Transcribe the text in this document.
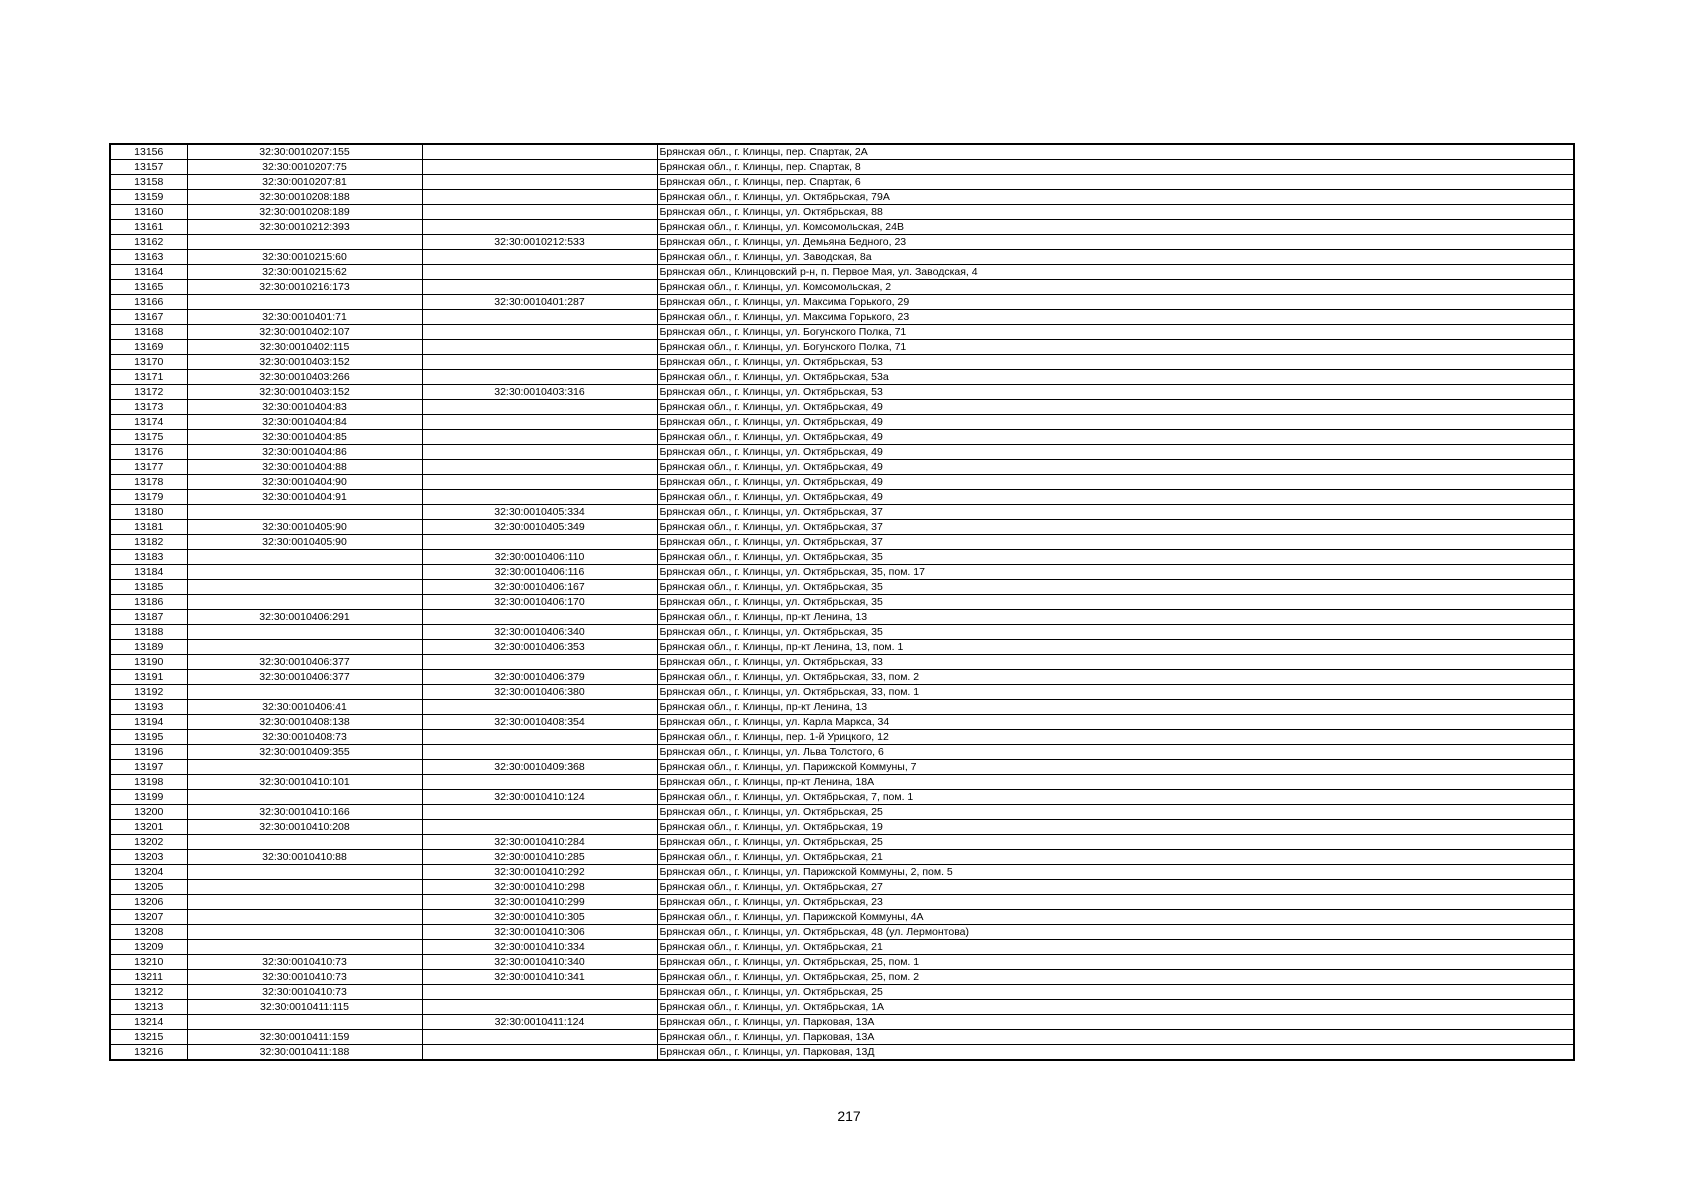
13156	32:30:0010207:155		Брянская обл., г. Клинцы, пер. Спартак, 2А
13157	32:30:0010207:75		Брянская обл., г. Клинцы, пер. Спартак, 8
13158	32:30:0010207:81		Брянская обл., г. Клинцы, пер. Спартак, 6
13159	32:30:0010208:188		Брянская обл., г. Клинцы, ул. Октябрьская, 79А
13160	32:30:0010208:189		Брянская обл., г. Клинцы, ул. Октябрьская, 88
13161	32:30:0010212:393		Брянская обл., г. Клинцы, ул. Комсомольская, 24В
13162		32:30:0010212:533	Брянская обл., г. Клинцы, ул. Демьяна Бедного, 23
13163	32:30:0010215:60		Брянская обл., г. Клинцы, ул. Заводская, 8а
13164	32:30:0010215:62		Брянская обл., Клинцовский р-н, п. Первое Мая, ул. Заводская, 4
13165	32:30:0010216:173		Брянская обл., г. Клинцы, ул. Комсомольская, 2
13166		32:30:0010401:287	Брянская обл., г. Клинцы, ул. Максима Горького, 29
13167	32:30:0010401:71		Брянская обл., г. Клинцы, ул. Максима Горького, 23
13168	32:30:0010402:107		Брянская обл., г. Клинцы, ул. Богунского Полка, 71
13169	32:30:0010402:115		Брянская обл., г. Клинцы, ул. Богунского Полка, 71
13170	32:30:0010403:152		Брянская обл., г. Клинцы, ул. Октябрьская, 53
13171	32:30:0010403:266		Брянская обл., г. Клинцы, ул. Октябрьская, 53а
13172	32:30:0010403:152	32:30:0010403:316	Брянская обл., г. Клинцы, ул. Октябрьская, 53
13173	32:30:0010404:83		Брянская обл., г. Клинцы, ул. Октябрьская, 49
13174	32:30:0010404:84		Брянская обл., г. Клинцы, ул. Октябрьская, 49
13175	32:30:0010404:85		Брянская обл., г. Клинцы, ул. Октябрьская, 49
13176	32:30:0010404:86		Брянская обл., г. Клинцы, ул. Октябрьская, 49
13177	32:30:0010404:88		Брянская обл., г. Клинцы, ул. Октябрьская, 49
13178	32:30:0010404:90		Брянская обл., г. Клинцы, ул. Октябрьская, 49
13179	32:30:0010404:91		Брянская обл., г. Клинцы, ул. Октябрьская, 49
13180		32:30:0010405:334	Брянская обл., г. Клинцы, ул. Октябрьская, 37
13181	32:30:0010405:90	32:30:0010405:349	Брянская обл., г. Клинцы, ул. Октябрьская, 37
13182	32:30:0010405:90		Брянская обл., г. Клинцы, ул. Октябрьская, 37
13183		32:30:0010406:110	Брянская обл., г. Клинцы, ул. Октябрьская, 35
13184		32:30:0010406:116	Брянская обл., г. Клинцы, ул. Октябрьская, 35, пом. 17
13185		32:30:0010406:167	Брянская обл., г. Клинцы, ул. Октябрьская, 35
13186		32:30:0010406:170	Брянская обл., г. Клинцы, ул. Октябрьская, 35
13187	32:30:0010406:291		Брянская обл., г. Клинцы, пр-кт Ленина, 13
13188		32:30:0010406:340	Брянская обл., г. Клинцы, ул. Октябрьская, 35
13189		32:30:0010406:353	Брянская обл., г. Клинцы, пр-кт Ленина, 13, пом. 1
13190	32:30:0010406:377		Брянская обл., г. Клинцы, ул. Октябрьская, 33
13191	32:30:0010406:377	32:30:0010406:379	Брянская обл., г. Клинцы, ул. Октябрьская, 33, пом. 2
13192		32:30:0010406:380	Брянская обл., г. Клинцы, ул. Октябрьская, 33, пом. 1
13193	32:30:0010406:41		Брянская обл., г. Клинцы, пр-кт Ленина, 13
13194	32:30:0010408:138	32:30:0010408:354	Брянская обл., г. Клинцы, ул. Карла Маркса, 34
13195	32:30:0010408:73		Брянская обл., г. Клинцы, пер. 1-й Урицкого, 12
13196	32:30:0010409:355		Брянская обл., г. Клинцы, ул. Льва Толстого, 6
13197		32:30:0010409:368	Брянская обл., г. Клинцы, ул. Парижской Коммуны, 7
13198	32:30:0010410:101		Брянская обл., г. Клинцы, пр-кт Ленина, 18А
13199		32:30:0010410:124	Брянская обл., г. Клинцы, ул. Октябрьская, 7, пом. 1
13200	32:30:0010410:166		Брянская обл., г. Клинцы, ул. Октябрьская, 25
13201	32:30:0010410:208		Брянская обл., г. Клинцы, ул. Октябрьская, 19
13202		32:30:0010410:284	Брянская обл., г. Клинцы, ул. Октябрьская, 25
13203	32:30:0010410:88	32:30:0010410:285	Брянская обл., г. Клинцы, ул. Октябрьская, 21
13204		32:30:0010410:292	Брянская обл., г. Клинцы, ул. Парижской Коммуны, 2, пом. 5
13205		32:30:0010410:298	Брянская обл., г. Клинцы, ул. Октябрьская, 27
13206		32:30:0010410:299	Брянская обл., г. Клинцы, ул. Октябрьская, 23
13207		32:30:0010410:305	Брянская обл., г. Клинцы, ул. Парижской Коммуны, 4А
13208		32:30:0010410:306	Брянская обл., г. Клинцы, ул. Октябрьская, 48 (ул. Лермонтова)
13209		32:30:0010410:334	Брянская обл., г. Клинцы, ул. Октябрьская, 21
13210	32:30:0010410:73	32:30:0010410:340	Брянская обл., г. Клинцы, ул. Октябрьская, 25, пом. 1
13211	32:30:0010410:73	32:30:0010410:341	Брянская обл., г. Клинцы, ул. Октябрьская, 25, пом. 2
13212	32:30:0010410:73		Брянская обл., г. Клинцы, ул. Октябрьская, 25
13213	32:30:0010411:115		Брянская обл., г. Клинцы, ул. Октябрьская, 1А
13214		32:30:0010411:124	Брянская обл., г. Клинцы, ул. Парковая, 13А
13215	32:30:0010411:159		Брянская обл., г. Клинцы, ул. Парковая, 13А
13216	32:30:0010411:188		Брянская обл., г. Клинцы, ул. Парковая, 13Д
217
